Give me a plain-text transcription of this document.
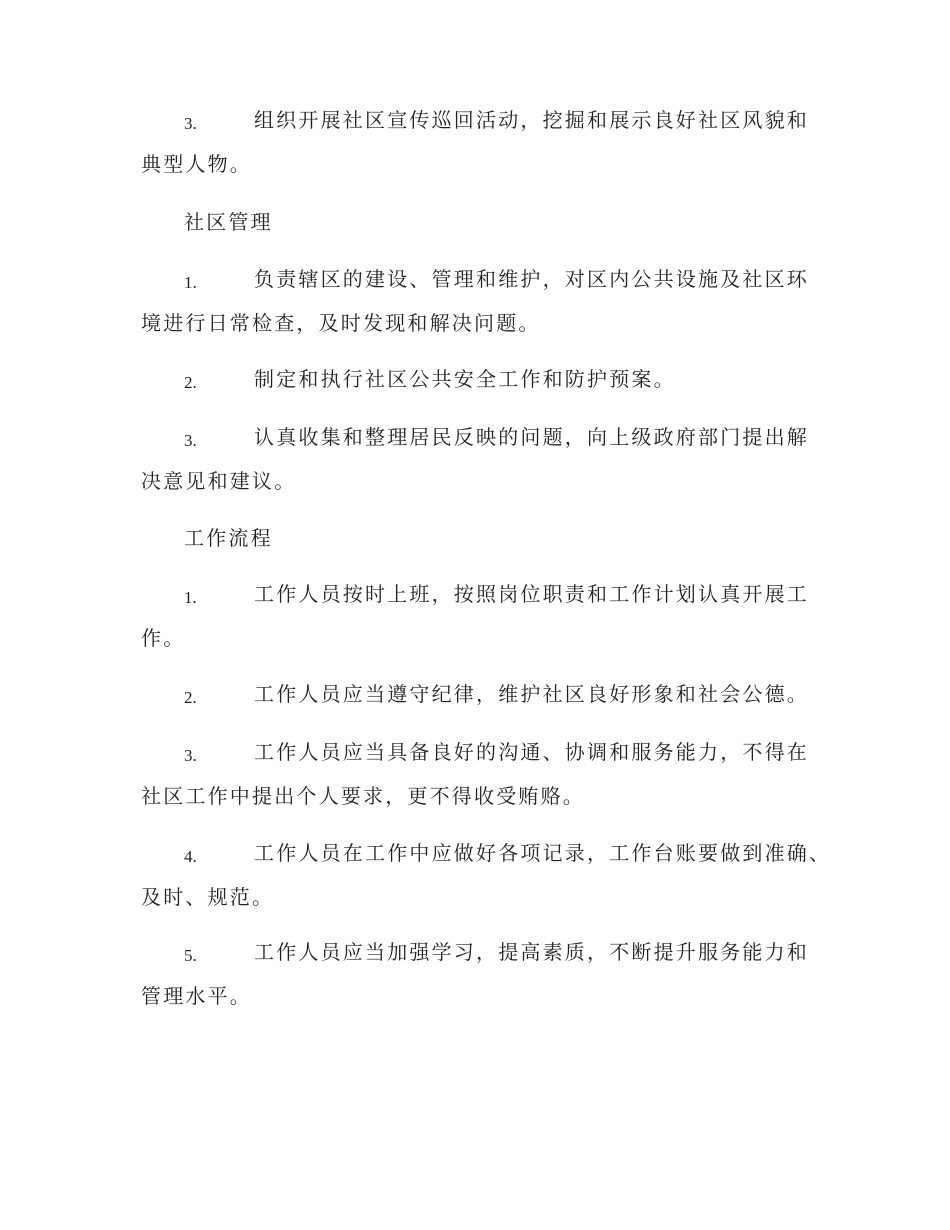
3.	组织开展社区宣传巡回活动，挖掘和展示良好社区风貌和
典型人物。
社区管理
1.	负责辖区的建设、管理和维护，对区内公共设施及社区环
境进行日常检查，及时发现和解决问题。
2.	制定和执行社区公共安全工作和防护预案。
3.	认真收集和整理居民反映的问题，向上级政府部门提出解
决意见和建议。
工作流程
1.	工作人员按时上班，按照岗位职责和工作计划认真开展工
作。
2.	工作人员应当遵守纪律，维护社区良好形象和社会公德。
3.	工作人员应当具备良好的沟通、协调和服务能力，不得在
社区工作中提出个人要求，更不得收受贿赂。
4.	工作人员在工作中应做好各项记录，工作台账要做到准确、
及时、规范。
5.	工作人员应当加强学习，提高素质，不断提升服务能力和
管理水平。
